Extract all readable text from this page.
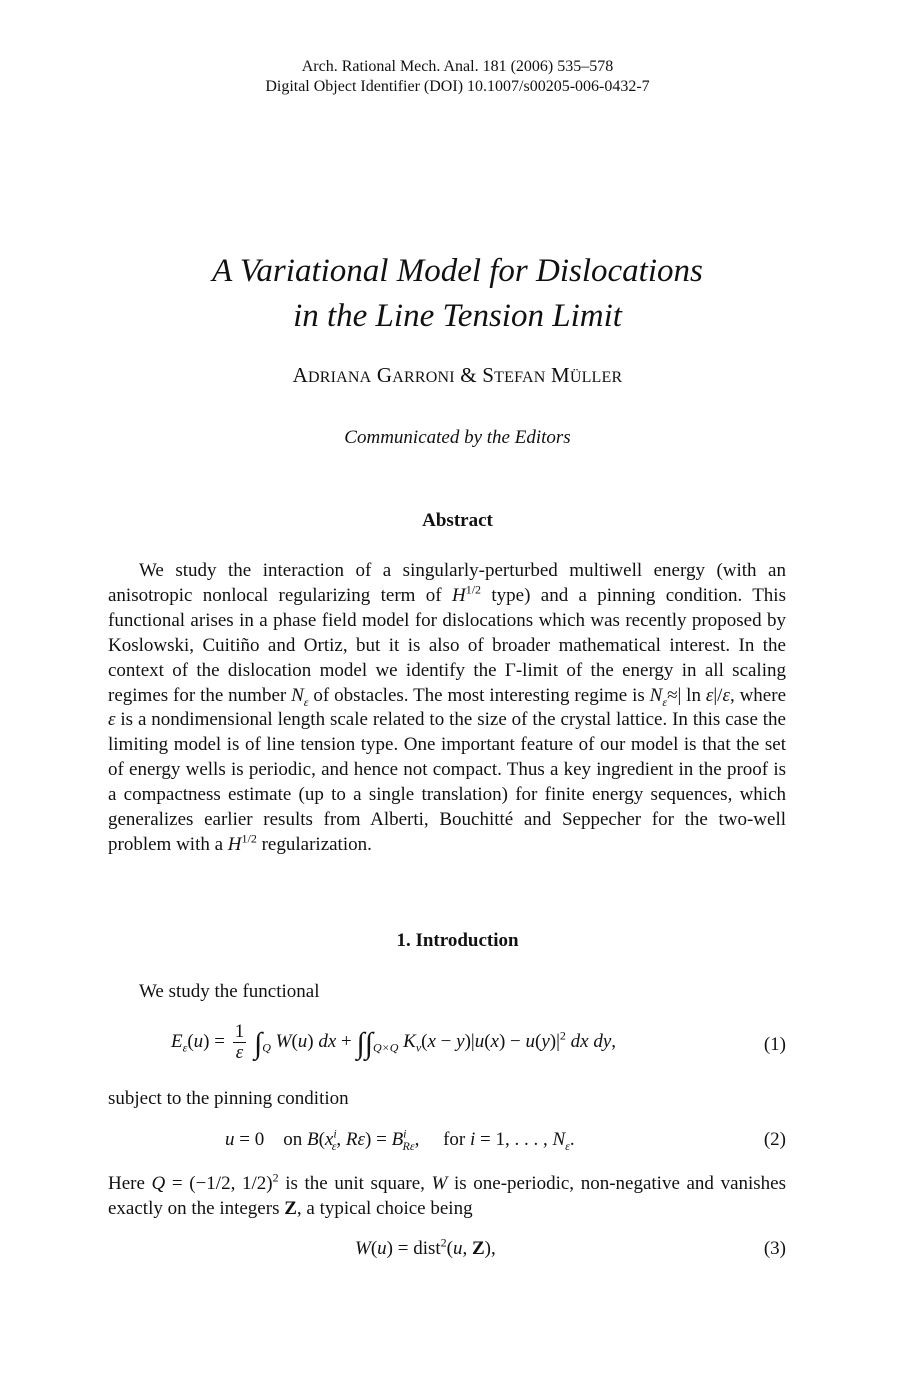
Arch. Rational Mech. Anal. 181 (2006) 535–578
Digital Object Identifier (DOI) 10.1007/s00205-006-0432-7
A Variational Model for Dislocations
in the Line Tension Limit
ADRIANA GARRONI & STEFAN MÜLLER
Communicated by the Editors
Abstract
We study the interaction of a singularly-perturbed multiwell energy (with an anisotropic nonlocal regularizing term of $H^{1/2}$ type) and a pinning condition. This functional arises in a phase field model for dislocations which was recently proposed by Koslowski, Cuitiño and Ortiz, but it is also of broader mathematical interest. In the context of the dislocation model we identify the Γ-limit of the energy in all scaling regimes for the number $N_\varepsilon$ of obstacles. The most interesting regime is $N_\varepsilon\approx|$ ln ε|/ε, where ε is a nondimensional length scale related to the size of the crystal lattice. In this case the limiting model is of line tension type. One important feature of our model is that the set of energy wells is periodic, and hence not compact. Thus a key ingredient in the proof is a compactness estimate (up to a single translation) for finite energy sequences, which generalizes earlier results from Alberti, Bouchitté and Seppecher for the two-well problem with a $H^{1/2}$ regularization.
1. Introduction
We study the functional
$E_\varepsilon(u) = \frac{1}{\varepsilon} \int_Q$ W(u) dx + $\int\int_{Q\times Q}$ $K_\nu(x - y)|u(x) - u(y)|^2$ dx dy,	(1)
subject to the pinning condition
u = 0    on $B(x^i_\varepsilon$, $R\varepsilon) = B^i_{R\varepsilon}$,     for i = 1, . . . , $N_\varepsilon$.	(2)
Here Q = (−1/2, 1/2)$^2$ is the unit square, W is one-periodic, non-negative and vanishes exactly on the integers Z, a typical choice being
W(u) = dist$^2$(u, Z),	(3)
